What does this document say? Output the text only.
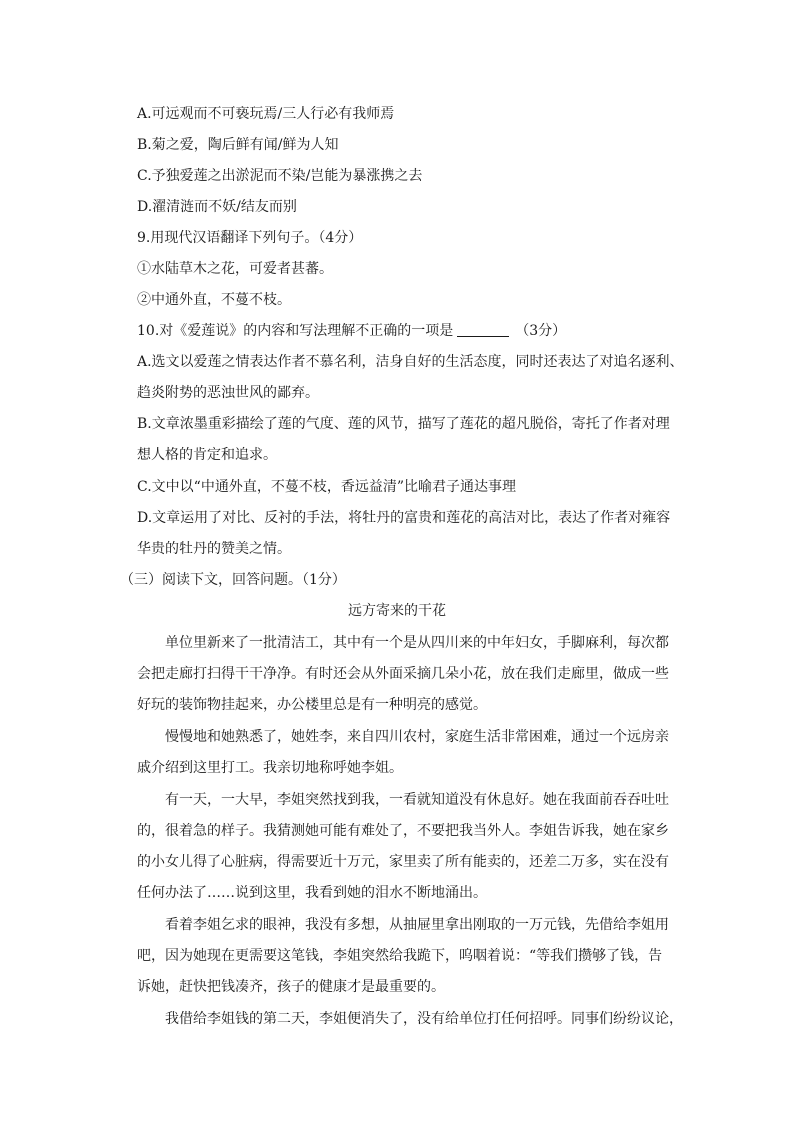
A.可远观而不可亵玩焉/三人行必有我师焉
B.菊之爱，陶后鲜有闻/鲜为人知
C.予独爱莲之出淤泥而不染/岂能为暴涨携之去
D.濯清涟而不妖/结友而别
9.用现代汉语翻译下列句子。（4分）
①水陆草木之花，可爱者甚蕃。
②中通外直，不蔓不枝。
10.对《爱莲说》的内容和写法理解不正确的一项是	（3分）
A.选文以爱莲之情表达作者不慕名利，洁身自好的生活态度，同时还表达了对追名逐利、
趋炎附势的恶浊世风的鄙弃。
B.文章浓墨重彩描绘了莲的气度、莲的风节，描写了莲花的超凡脱俗，寄托了作者对理
想人格的肯定和追求。
C.文中以“中通外直，不蔓不枝，香远益清”比喻君子通达事理
D.文章运用了对比、反衬的手法，将牡丹的富贵和莲花的高洁对比，表达了作者对雍容
华贵的牡丹的赞美之情。
（三）阅读下文，回答问题。（1分）
远方寄来的干花
单位里新来了一批清洁工，其中有一个是从四川来的中年妇女，手脚麻利，每次都
会把走廊打扫得干干净净。有时还会从外面采摘几朵小花，放在我们走廊里，做成一些
好玩的装饰物挂起来，办公楼里总是有一种明亮的感觉。
慢慢地和她熟悉了，她姓李，来自四川农村，家庭生活非常困难，通过一个远房亲
戚介绍到这里打工。我亲切地称呼她李姐。
有一天，一大早，李姐突然找到我，一看就知道没有休息好。她在我面前吞吞吐吐
的，很着急的样子。我猜测她可能有难处了，不要把我当外人。李姐告诉我，她在家乡
的小女儿得了心脏病，得需要近十万元，家里卖了所有能卖的，还差二万多，实在没有
任何办法了……说到这里，我看到她的泪水不断地涌出。
看着李姐乞求的眼神，我没有多想，从抽屉里拿出刚取的一万元钱，先借给李姐用
吧，因为她现在更需要这笔钱，李姐突然给我跪下，呜咽着说：“等我们攒够了钱，告
诉她，赶快把钱凑齐，孩子的健康才是最重要的。
我借给李姐钱的第二天，李姐便消失了，没有给单位打任何招呼。同事们纷纷议论，
